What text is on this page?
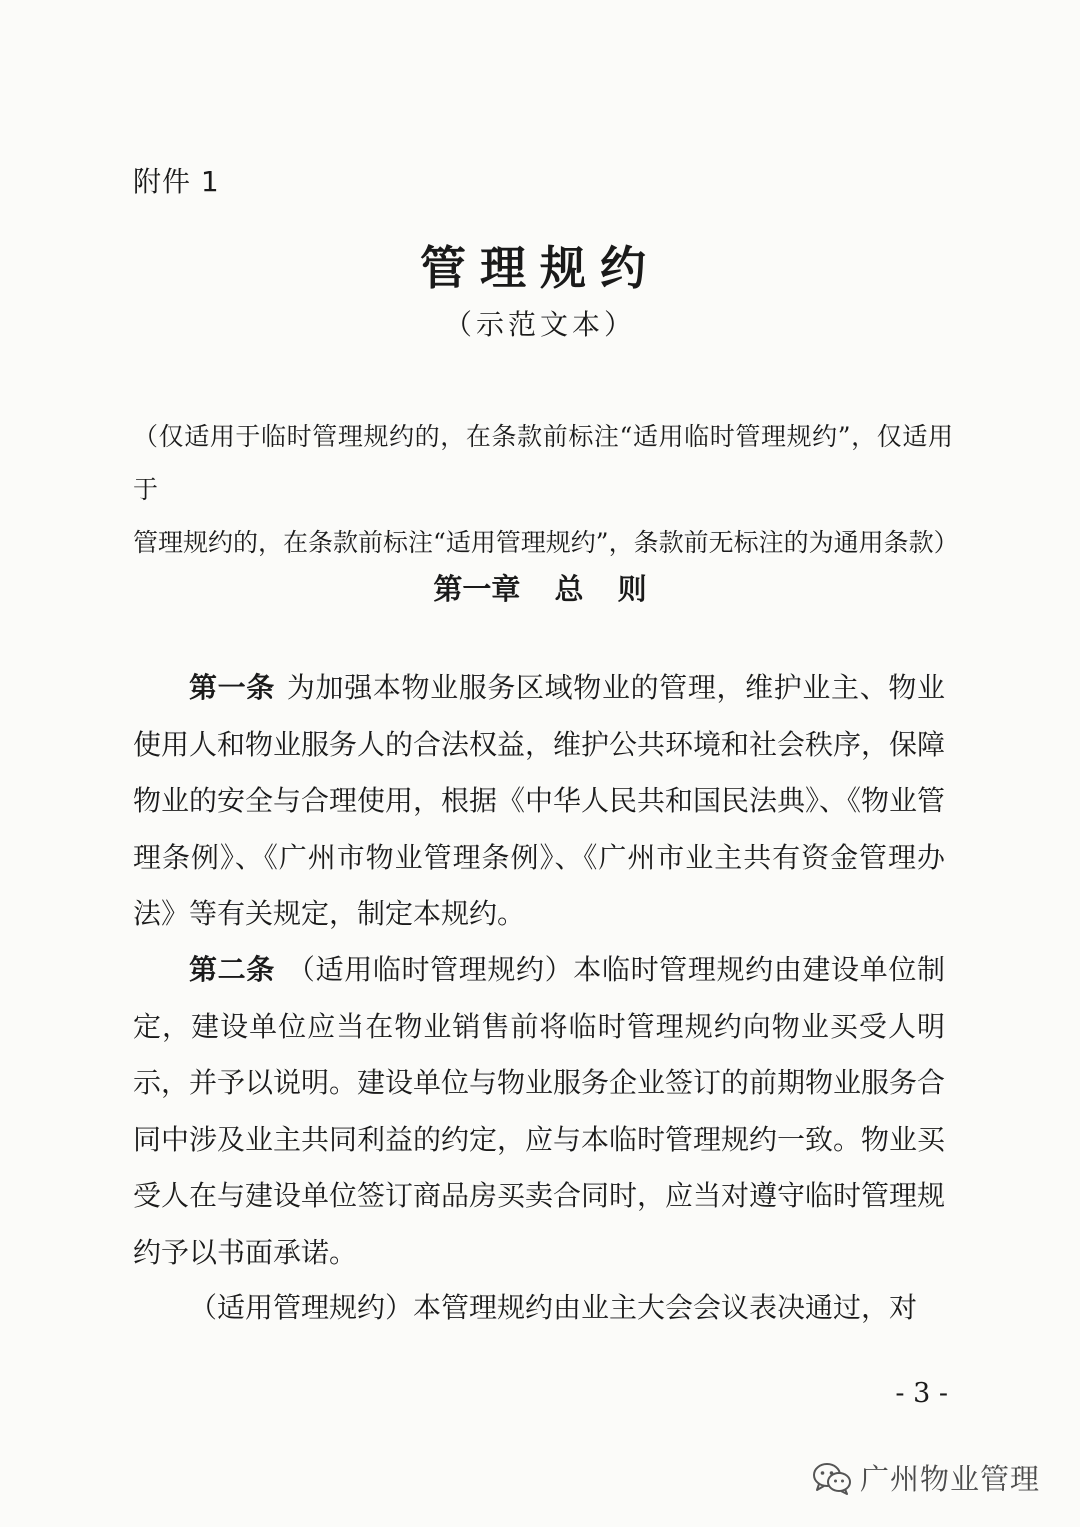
附件 1

管理规约

（示范文本）

（仅适用于临时管理规约的，在条款前标注“适用临时管理规约”，仅适用于
管理规约的，在条款前标注“适用管理规约”，条款前无标注的为通用条款）

第一章 总 则

第一条 为加强本物业服务区域物业的管理，维护业主、物业使用人和物业服务人的合法权益，维护公共环境和社会秩序，保障物业的安全与合理使用，根据《中华人民共和国民法典》、《物业管理条例》、《广州市物业管理条例》、《广州市业主共有资金管理办法》等有关规定，制定本规约。

第二条 （适用临时管理规约）本临时管理规约由建设单位制定，建设单位应当在物业销售前将临时管理规约向物业买受人明示，并予以说明。建设单位与物业服务企业签订的前期物业服务合同中涉及业主共同利益的约定，应与本临时管理规约一致。物业买受人在与建设单位签订商品房买卖合同时，应当对遵守临时管理规约予以书面承诺。

（适用管理规约）本管理规约由业主大会会议表决通过，对

- 3 -

广州物业管理
